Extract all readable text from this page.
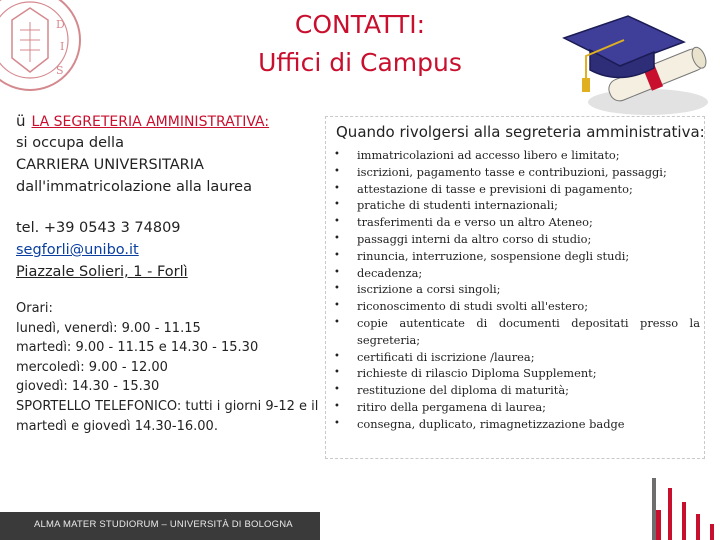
D
I
S
CONTATTI:
Uffici di Campus
ü LA SEGRETERIA AMMINISTRATIVA:
si occupa della
CARRIERA UNIVERSITARIA
dall'immatricolazione alla laurea
tel. +39 0543 3 74809
segforli@unibo.it
Piazzale Solieri, 1 - Forlì
Orari:
lunedì, venerdì: 9.00 - 11.15
martedì: 9.00 - 11.15 e 14.30 - 15.30
mercoledì: 9.00 - 12.00
giovedì: 14.30 - 15.30
SPORTELLO TELEFONICO: tutti i giorni 9-12 e il martedì e giovedì 14.30-16.00.
Quando rivolgersi alla segreteria amministrativa:
• immatricolazioni ad accesso libero e limitato;
• iscrizioni, pagamento tasse e contribuzioni, passaggi;
• attestazione di tasse e previsioni di pagamento;
• pratiche di studenti internazionali;
• trasferimenti da e verso un altro Ateneo;
• passaggi interni da altro corso di studio;
• rinuncia, interruzione, sospensione degli studi;
• decadenza;
• iscrizione a corsi singoli;
• riconoscimento di studi svolti all'estero;
• copie autenticate di documenti depositati presso la segreteria;
• certificati di iscrizione /laurea;
• richieste di rilascio Diploma Supplement;
• restituzione del diploma di maturità;
• ritiro della pergamena di laurea;
• consegna, duplicato, rimagnetizzazione badge
ALMA MATER STUDIORUM – UNIVERSITÀ DI BOLOGNA
